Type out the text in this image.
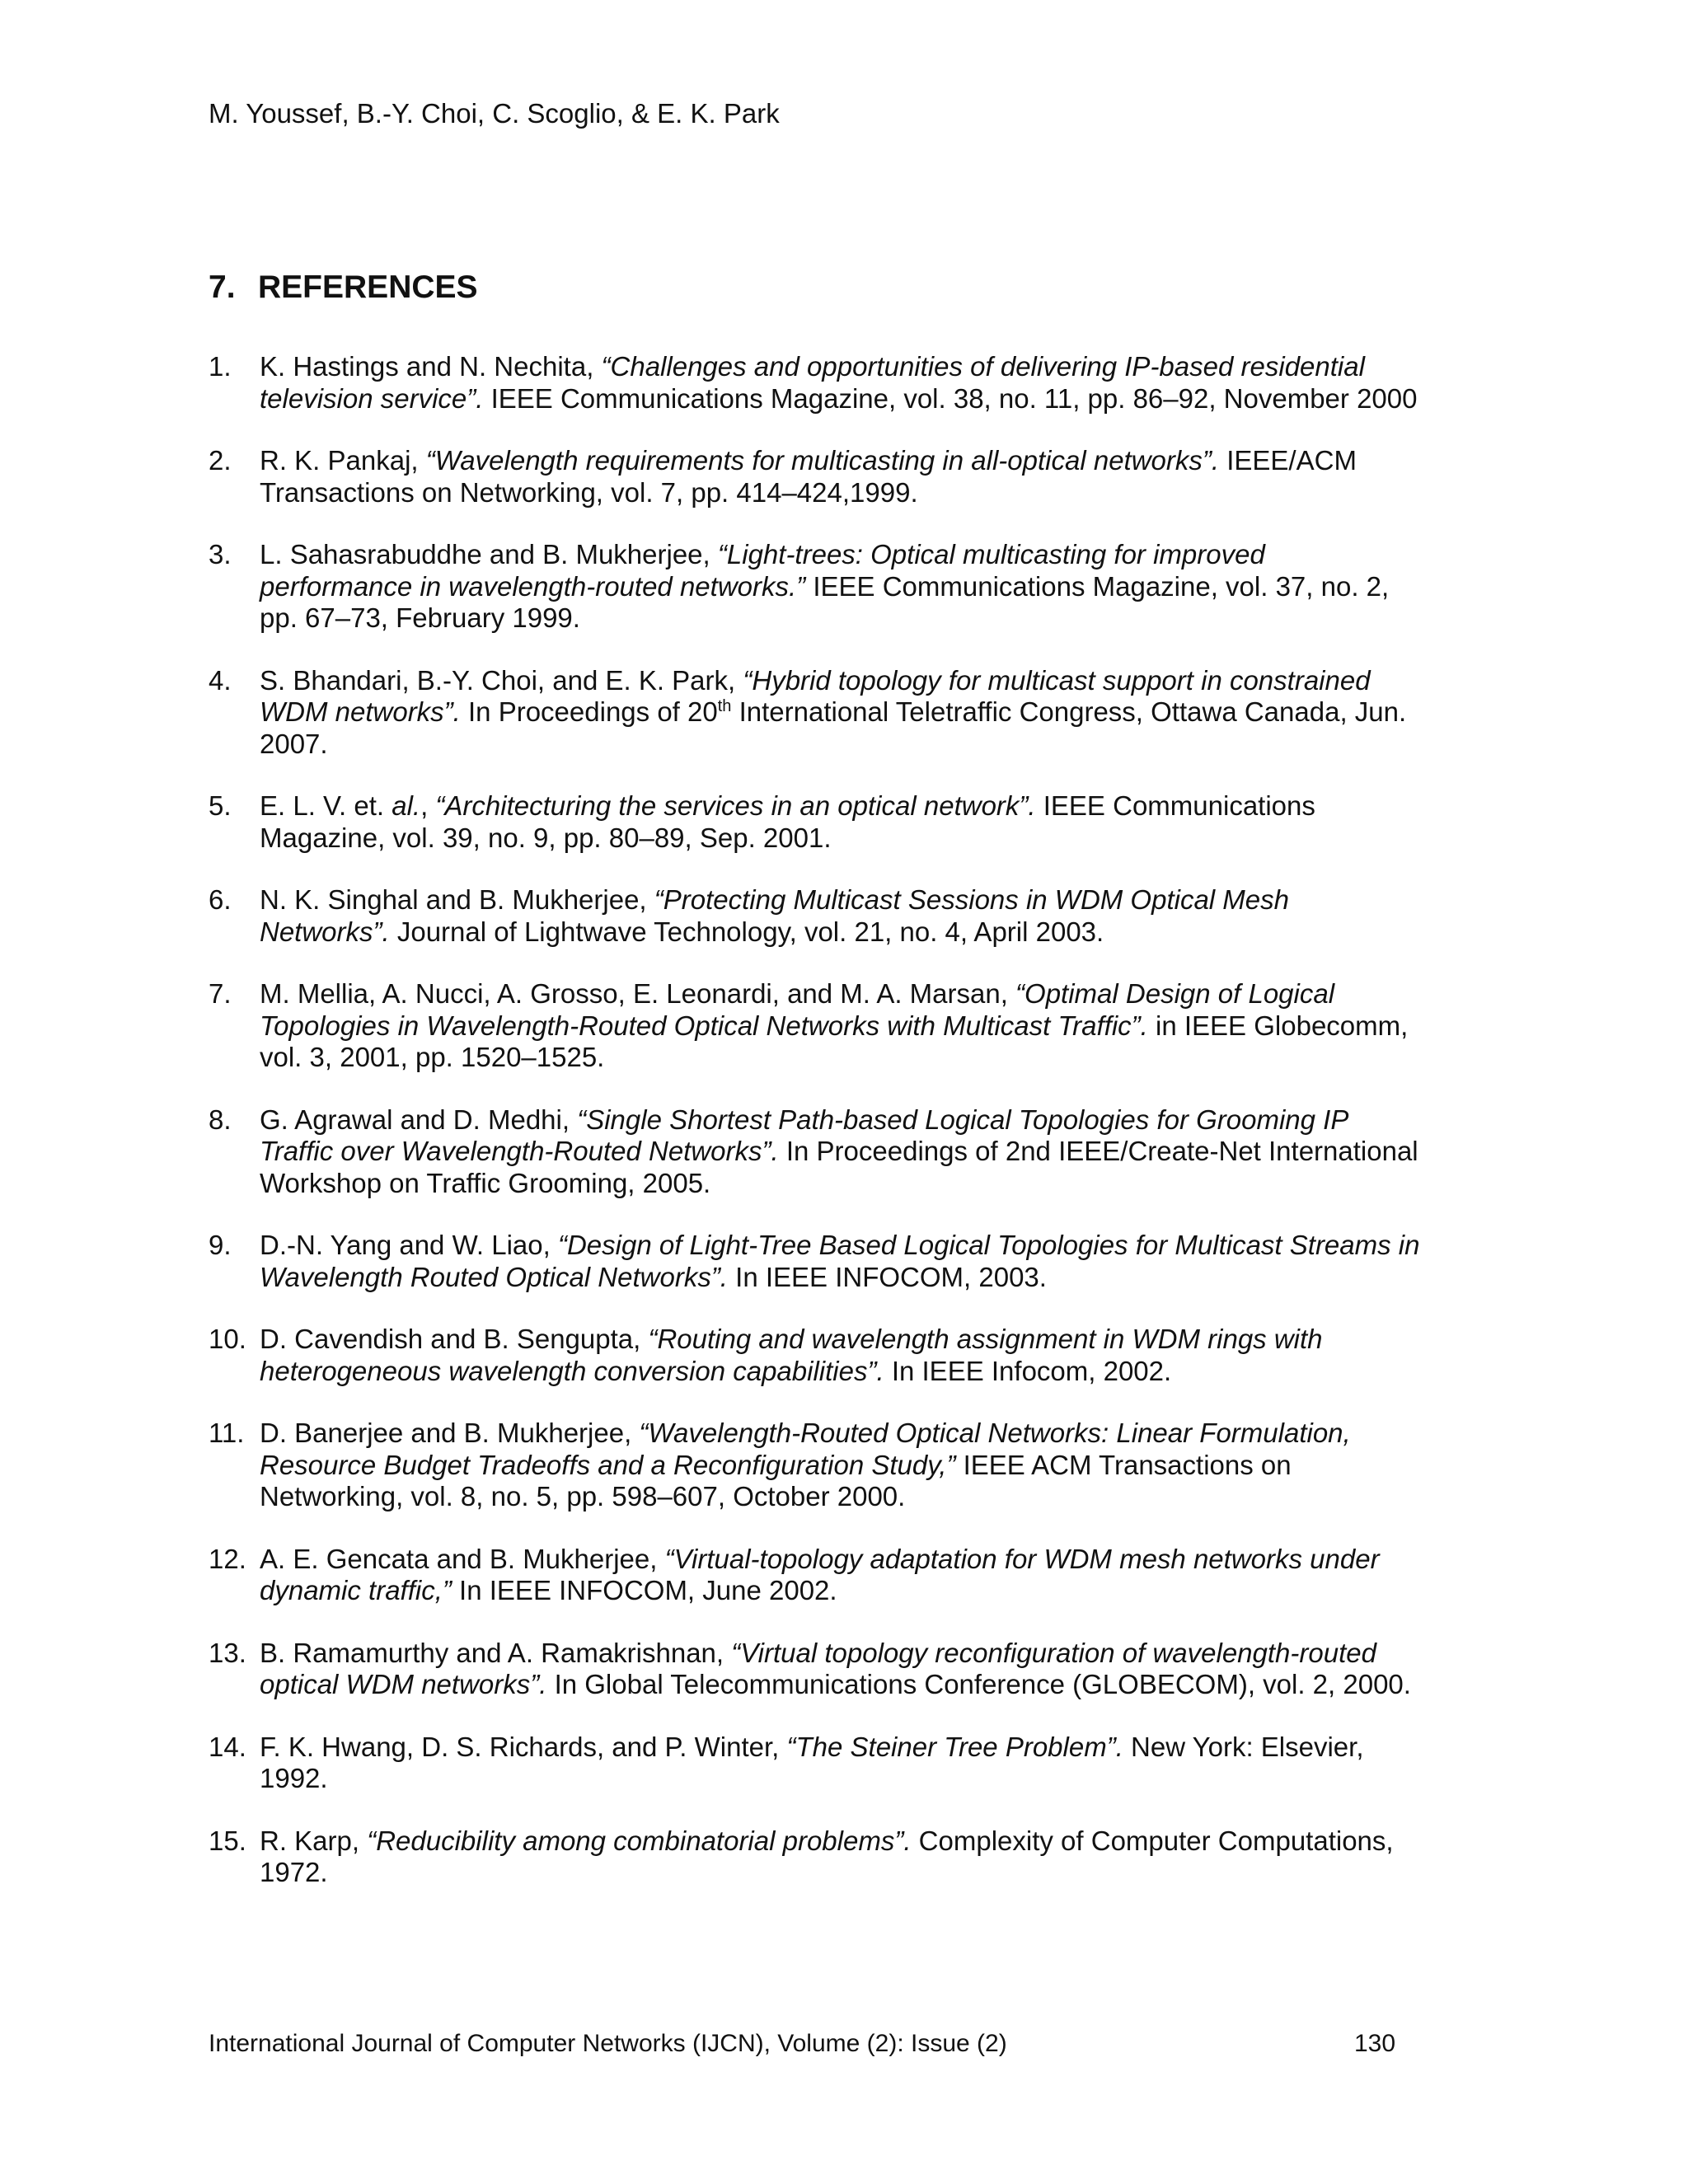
M. Youssef, B.-Y. Choi, C. Scoglio, & E. K. Park
7. REFERENCES
1. K. Hastings and N. Nechita, “Challenges and opportunities of delivering IP-based residential television service”. IEEE Communications Magazine, vol. 38, no. 11, pp. 86–92, November 2000
2. R. K. Pankaj, “Wavelength requirements for multicasting in all-optical networks”. IEEE/ACM Transactions on Networking, vol. 7, pp. 414–424,1999.
3. L. Sahasrabuddhe and B. Mukherjee, “Light-trees: Optical multicasting for improved performance in wavelength-routed networks.” IEEE Communications Magazine, vol. 37, no. 2, pp. 67–73, February 1999.
4. S. Bhandari, B.-Y. Choi, and E. K. Park, “Hybrid topology for multicast support in constrained WDM networks”. In Proceedings of 20th International Teletraffic Congress, Ottawa Canada, Jun. 2007.
5. E. L. V. et. al., “Architecturing the services in an optical network”. IEEE Communications Magazine, vol. 39, no. 9, pp. 80–89, Sep. 2001.
6. N. K. Singhal and B. Mukherjee, “Protecting Multicast Sessions in WDM Optical Mesh Networks”. Journal of Lightwave Technology, vol. 21, no. 4, April 2003.
7. M. Mellia, A. Nucci, A. Grosso, E. Leonardi, and M. A. Marsan, “Optimal Design of Logical Topologies in Wavelength-Routed Optical Networks with Multicast Traffic”. in IEEE Globecomm, vol. 3, 2001, pp. 1520–1525.
8. G. Agrawal and D. Medhi, “Single Shortest Path-based Logical Topologies for Grooming IP Traffic over Wavelength-Routed Networks”. In Proceedings of 2nd IEEE/Create-Net International Workshop on Traffic Grooming, 2005.
9. D.-N. Yang and W. Liao, “Design of Light-Tree Based Logical Topologies for Multicast Streams in Wavelength Routed Optical Networks”. In IEEE INFOCOM, 2003.
10. D. Cavendish and B. Sengupta, “Routing and wavelength assignment in WDM rings with heterogeneous wavelength conversion capabilities”. In IEEE Infocom, 2002.
11. D. Banerjee and B. Mukherjee, “Wavelength-Routed Optical Networks: Linear Formulation, Resource Budget Tradeoffs and a Reconfiguration Study,” IEEE ACM Transactions on Networking, vol. 8, no. 5, pp. 598–607, October 2000.
12. A. E. Gencata and B. Mukherjee, “Virtual-topology adaptation for WDM mesh networks under dynamic traffic,” In IEEE INFOCOM, June 2002.
13. B. Ramamurthy and A. Ramakrishnan, “Virtual topology reconfiguration of wavelength-routed optical WDM networks”. In Global Telecommunications Conference (GLOBECOM), vol. 2, 2000.
14. F. K. Hwang, D. S. Richards, and P. Winter, “The Steiner Tree Problem”. New York: Elsevier, 1992.
15. R. Karp, “Reducibility among combinatorial problems”. Complexity of Computer Computations, 1972.
International Journal of Computer Networks (IJCN), Volume (2): Issue (2)	130
